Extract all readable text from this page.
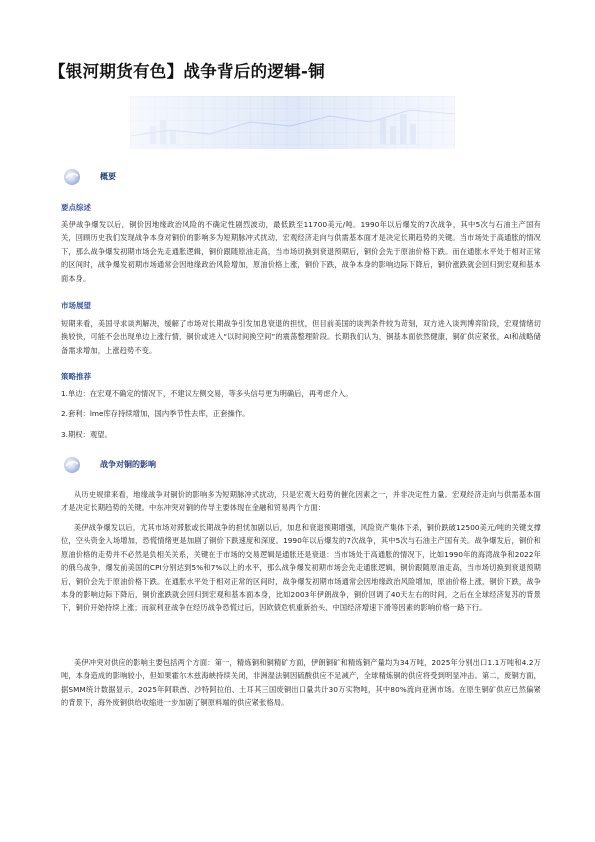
【银河期货有色】战争背后的逻辑-铜
概要
要点综述
美伊战争爆发以后，铜价因地缘政治风险的不确定性剧烈波动，最低跌至11700美元/吨。1990年以后爆发的7次战争，其中5次与石油主产国有关，回顾历史我们发现战争本身对铜价的影响多为短期脉冲式扰动，宏观经济走向与供需基本面才是决定长期趋势的关键。当市场处于高通胀的情况下，那么战争爆发初期市场会先走通胀逻辑，铜价跟随原油走高，当市场切换到衰退预期后，铜价会先于原油价格下跌。而在通胀水平处于相对正常的区间时，战争爆发初期市场通常会因地缘政治风险增加，原油价格上涨，铜价下跌，战争本身的影响边际下降后，铜价涨跌就会回归到宏观和基本面本身。
市场展望
短期来看，美国寻求谈判解决，缓解了市场对长期战争引发加息衰退的担忧，但目前美国的谈判条件较为苛刻，双方进入谈判博弈阶段，宏观情绪切换较快，可能不会出现单边上涨行情，铜价或进入“以时间换空间”的震荡整理阶段。长期我们认为，铜基本面依然健康，铜矿供应紧张，AI和战略储备需求增加，上涨趋势不变。
策略推荐
1.单边：在宏观不确定的情况下，不建议左侧交易，等多头信号更为明确后，再考虑介入。
2.套利：lme库存持续增加，国内季节性去库，正套操作。
3.期权：观望。
战争对铜的影响
从历史规律来看，地缘战争对铜价的影响多为短期脉冲式扰动，只是宏观大趋势的催化因素之一，并非决定性力量。宏观经济走向与供需基本面才是决定长期趋势的关键。中东冲突对铜的传导主要体现在金融和贸易两个方面：
美伊战争爆发以后，尤其市场对滞胀或长期战争的担忧加剧以后，加息和衰退预期增强，风险资产集体下杀，铜价跌破12500美元/吨的关键支撑位，空头资金入场增加，恐慌情绪更是加剧了铜价下跌速度和深度。1990年以后爆发的7次战争，其中5次与石油主产国有关。战争爆发后，铜价和原油价格的走势并不必然是负相关关系，关键在于市场的交易逻辑是通胀还是衰退：当市场处于高通胀的情况下，比如1990年的海湾战争和2022年的俄乌战争，爆发前美国的CPI分别达到5%和7%以上的水平，那么战争爆发初期市场会先走通胀逻辑，铜价跟随原油走高，当市场切换到衰退预期后，铜价会先于原油价格下跌。在通胀水平处于相对正常的区间时，战争爆发初期市场通常会因地缘政治风险增加，原油价格上涨，铜价下跌，战争本身的影响边际下降后，铜价涨跌就会回归到宏观和基本面本身，比如2003年伊朗战争，铜价回调了40天左右的时间，之后在全球经济复苏的背景下，铜价开始持续上涨；而叙利亚战争在经历战争恐慌过后，因欧债危机重新抬头、中国经济增速下滑等因素的影响价格一路下行。
美伊冲突对供应的影响主要包括两个方面：第一，精炼铜和铜精矿方面，伊朗铜矿和精炼铜产量均为34万吨，2025年分别出口1.1万吨和4.2万吨，本身造成的影响较小，但如果霍尔木兹海峡持续关闭，非洲湿法铜因硫酸供应不足减产，全球精炼铜的供应将受到明显冲击。第二，废铜方面，据SMM统计数据显示，2025年阿联酋、沙特阿拉伯、土耳其三国废铜出口量共计30万实物吨，其中80%流向亚洲市场。在原生铜矿供应已然偏紧的背景下，海外废铜供给收缩进一步加剧了铜原料端的供应紧张格局。
